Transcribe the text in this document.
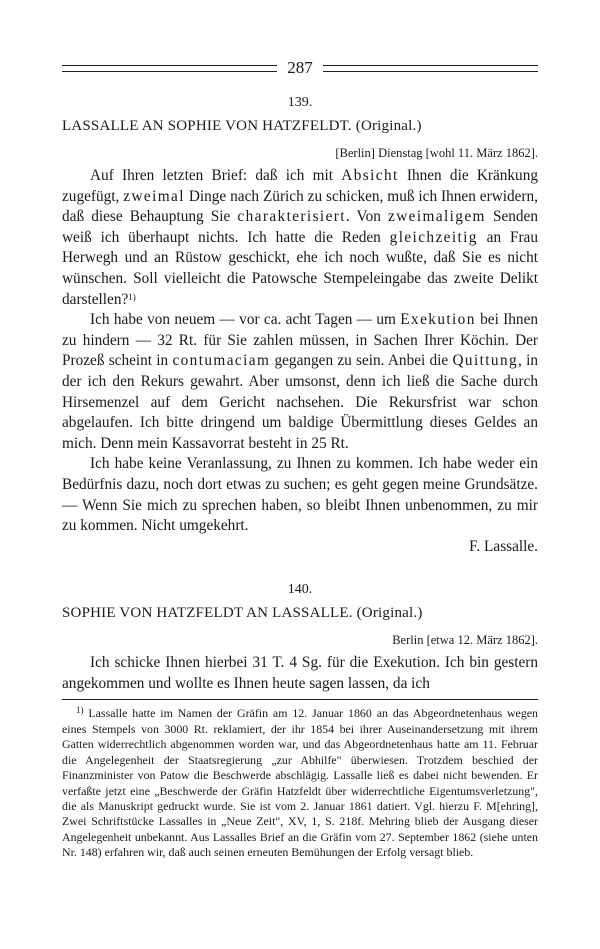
287
139.
LASSALLE AN SOPHIE VON HATZFELDT. (Original.)
[Berlin] Dienstag [wohl 11. März 1862].

Auf Ihren letzten Brief: daß ich mit Absicht Ihnen die Kränkung zugefügt, zweimal Dinge nach Zürich zu schicken, muß ich Ihnen erwidern, daß diese Behauptung Sie charakterisiert. Von zweimaligem Senden weiß ich überhaupt nichts. Ich hatte die Reden gleichzeitig an Frau Herwegh und an Rüstow geschickt, ehe ich noch wußte, daß Sie es nicht wünschen. Soll vielleicht die Patowsche Stempeleingabe das zweite Delikt darstellen?$^{1)}$

Ich habe von neuem — vor ca. acht Tagen — um Exekution bei Ihnen zu hindern — 32 Rt. für Sie zahlen müssen, in Sachen Ihrer Köchin. Der Prozeß scheint in contumaciam gegangen zu sein. Anbei die Quittung, in der ich den Rekurs gewahrt. Aber umsonst, denn ich ließ die Sache durch Hirsemenzel auf dem Gericht nachsehen. Die Rekursfrist war schon abgelaufen. Ich bitte dringend um baldige Übermittlung dieses Geldes an mich. Denn mein Kassavorrat besteht in 25 Rt.

Ich habe keine Veranlassung, zu Ihnen zu kommen. Ich habe weder ein Bedürfnis dazu, noch dort etwas zu suchen; es geht gegen meine Grundsätze. — Wenn Sie mich zu sprechen haben, so bleibt Ihnen unbenommen, zu mir zu kommen. Nicht umgekehrt.

F. Lassalle.
140.
SOPHIE VON HATZFELDT AN LASSALLE. (Original.)
Berlin [etwa 12. März 1862].

Ich schicke Ihnen hierbei 31 T. 4 Sg. für die Exekution. Ich bin gestern angekommen und wollte es Ihnen heute sagen lassen, da ich

$^{1)}$ Lassalle hatte im Namen der Gräfin am 12. Januar 1860 an das Abgeordnetenhaus wegen eines Stempels von 3000 Rt. reklamiert, der ihr 1854 bei ihrer Auseinandersetzung mit ihrem Gatten widerrechtlich abgenommen worden war, und das Abgeordnetenhaus hatte am 11. Februar die Angelegenheit der Staatsregierung „zur Abhilfe" überwiesen. Trotzdem beschied der Finanzminister von Patow die Beschwerde abschlägig. Lassalle ließ es dabei nicht bewenden. Er verfaßte jetzt eine „Beschwerde der Gräfin Hatzfeldt über widerrechtliche Eigentumsverletzung", die als Manuskript gedruckt wurde. Sie ist vom 2. Januar 1861 datiert. Vgl. hierzu F. M[ehring], Zwei Schriftstücke Lassalles in „Neue Zeit", XV, 1, S. 218f. Mehring blieb der Ausgang dieser Angelegenheit unbekannt. Aus Lassalles Brief an die Gräfin vom 27. September 1862 (siehe unten Nr. 148) erfahren wir, daß auch seinen erneuten Bemühungen der Erfolg versagt blieb.
